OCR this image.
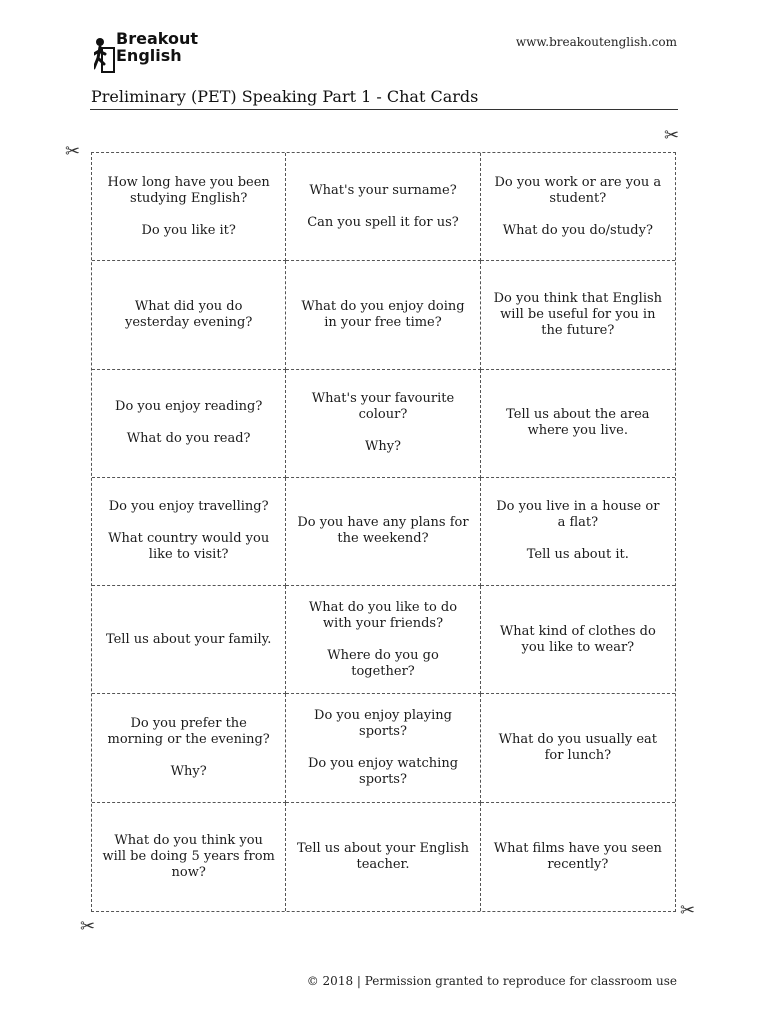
Breakout
English
www.breakoutenglish.com
Preliminary (PET) Speaking Part 1 - Chat Cards
✂
✂
✂
✂

How long have you been studying English?

Do you like it?

What's your surname?

Can you spell it for us?

Do you work or are you a student?

What do you do/study?

What did you do yesterday evening?

What do you enjoy doing in your free time?

Do you think that English will be useful for you in the future?

Do you enjoy reading?

What do you read?

What's your favourite colour?

Why?

Tell us about the area where you live.

Do you enjoy travelling?

What country would you like to visit?

Do you have any plans for the weekend?

Do you live in a house or a flat?

Tell us about it.

Tell us about your family.

What do you like to do with your friends?

Where do you go together?

What kind of clothes do you like to wear?

Do you prefer the morning or the evening?

Why?

Do you enjoy playing sports?

Do you enjoy watching sports?

What do you usually eat for lunch?

What do you think you will be doing 5 years from now?

Tell us about your English teacher.

What films have you seen recently?

© 2018 | Permission granted to reproduce for classroom use
